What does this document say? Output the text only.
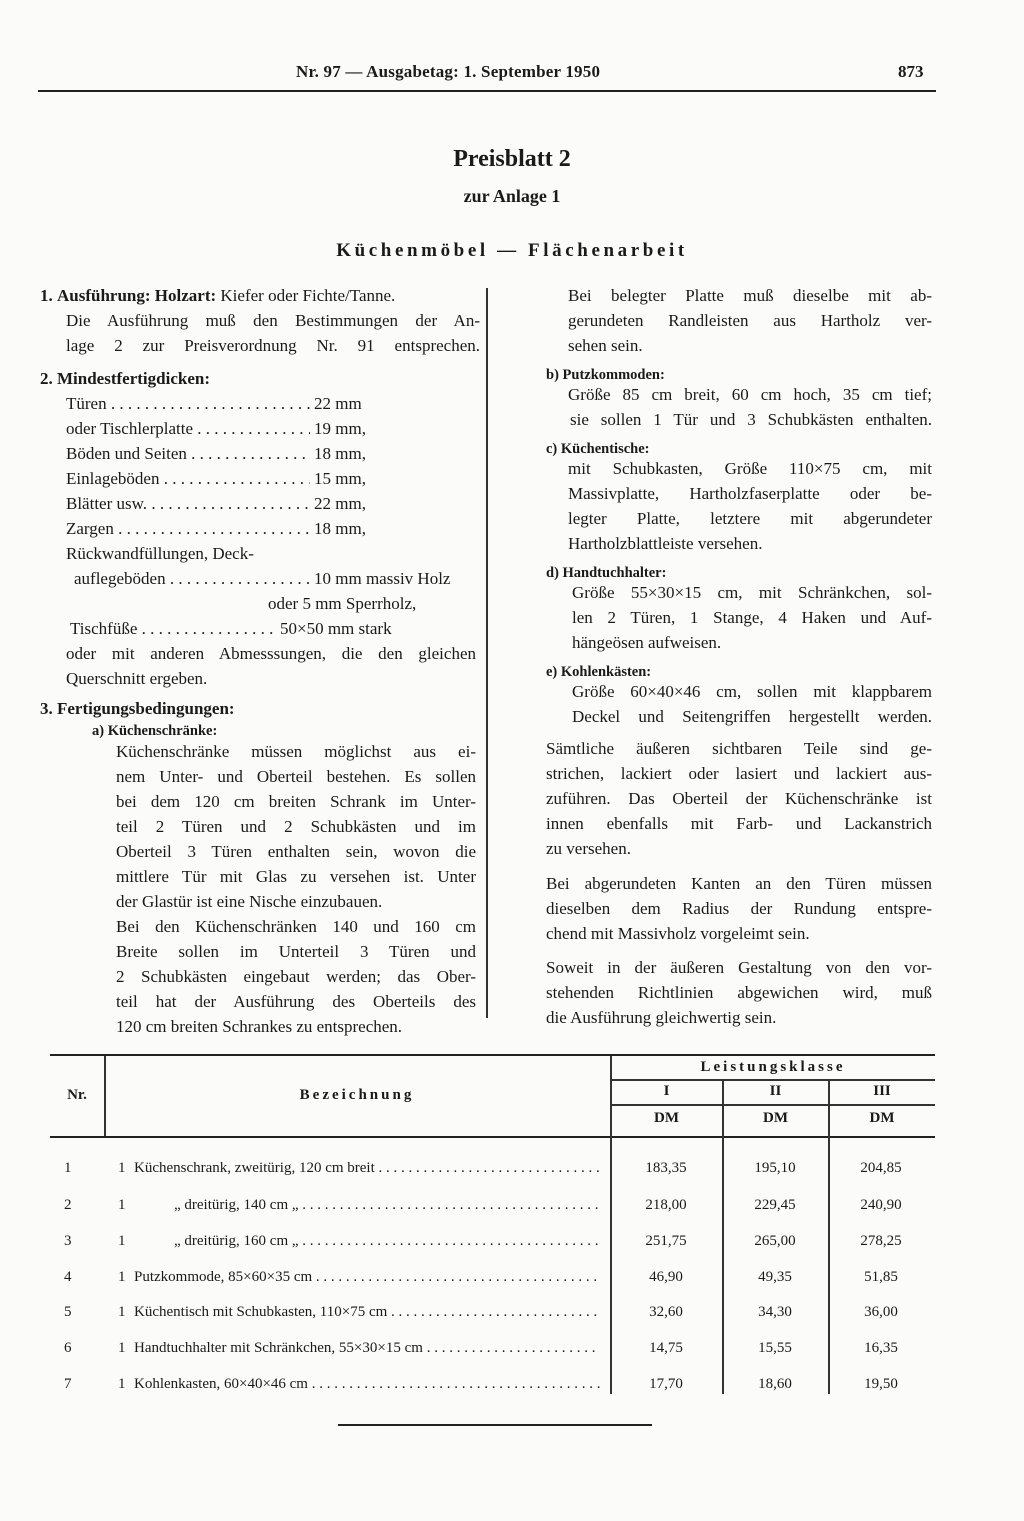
Nr. 97 — Ausgabetag: 1. September 1950	873
Preisblatt 2
zur Anlage 1
Küchenmöbel — Flächenarbeit
1. Ausführung: Holzart: Kiefer oder Fichte/Tanne.
Die Ausführung muß den Bestimmungen der An-
lage 2 zur Preisverordnung Nr. 91 entsprechen.
2. Mindestfertigdicken:
Türen . . .	22 mm
oder Tischlerplatte . . .	19 mm,
Böden und Seiten . . .	18 mm,
Einlageböden . . .	15 mm,
Blätter usw. . . .	22 mm,
Zargen . . .	18 mm,
Rückwandfüllungen, Deck-
auflegeböden . . .	10 mm massiv Holz
oder 5 mm Sperrholz,
Tischfüße . . .	50×50 mm stark
oder mit anderen Abmesssungen, die den gleichen
Querschnitt ergeben.
3. Fertigungsbedingungen:
a) Küchenschränke:
Küchenschränke müssen möglichst aus ei-
nem Unter- und Oberteil bestehen. Es sollen
bei dem 120 cm breiten Schrank im Unter-
teil 2 Türen und 2 Schubkästen und im
Oberteil 3 Türen enthalten sein, wovon die
mittlere Tür mit Glas zu versehen ist. Unter
der Glastür ist eine Nische einzubauen.
Bei den Küchenschränken 140 und 160 cm
Breite sollen im Unterteil 3 Türen und
2 Schubkästen eingebaut werden; das Ober-
teil hat der Ausführung des Oberteils des
120 cm breiten Schrankes zu entsprechen.
Bei belegter Platte muß dieselbe mit ab-
gerundeten Randleisten aus Hartholz ver-
sehen sein.
b) Putzkommoden:
Größe 85 cm breit, 60 cm hoch, 35 cm tief;
sie sollen 1 Tür und 3 Schubkästen enthalten.
c) Küchentische:
mit Schubkasten, Größe 110×75 cm, mit
Massivplatte, Hartholzfaserplatte oder be-
legter Platte, letztere mit abgerundeter
Hartholzblattleiste versehen.
d) Handtuchhalter:
Größe 55×30×15 cm, mit Schränkchen, sol-
len 2 Türen, 1 Stange, 4 Haken und Auf-
hängeösen aufweisen.
e) Kohlenkästen:
Größe 60×40×46 cm, sollen mit klappbarem
Deckel und Seitengriffen hergestellt werden.
Sämtliche äußeren sichtbaren Teile sind ge-
strichen, lackiert oder lasiert und lackiert aus-
zuführen. Das Oberteil der Küchenschränke ist
innen ebenfalls mit Farb- und Lackanstrich
zu versehen.
Bei abgerundeten Kanten an den Türen müssen
dieselben dem Radius der Rundung entspre-
chend mit Massivholz vorgeleimt sein.
Soweit in der äußeren Gestaltung von den vor-
stehenden Richtlinien abgewichen wird, muß
die Ausführung gleichwertig sein.
Nr.	Bezeichnung
Leistungsklasse
I	II	III
DM	DM	DM
1	1 Küchenschrank, zweitürig, 120 cm breit . . .	183,35	195,10	204,85
2	1	„ dreitürig, 140 cm „ . . .	218,00	229,45	240,90
3	1	„ dreitürig, 160 cm „ . . .	251,75	265,00	278,25
4	1 Putzkommode, 85×60×35 cm . . .	46,90	49,35	51,85
5	1 Küchentisch mit Schubkasten, 110×75 cm . . .	32,60	34,30	36,00
6	1 Handtuchhalter mit Schränkchen, 55×30×15 cm . . .	14,75	15,55	16,35
7	1 Kohlenkasten, 60×40×46 cm . . .	17,70	18,60	19,50
